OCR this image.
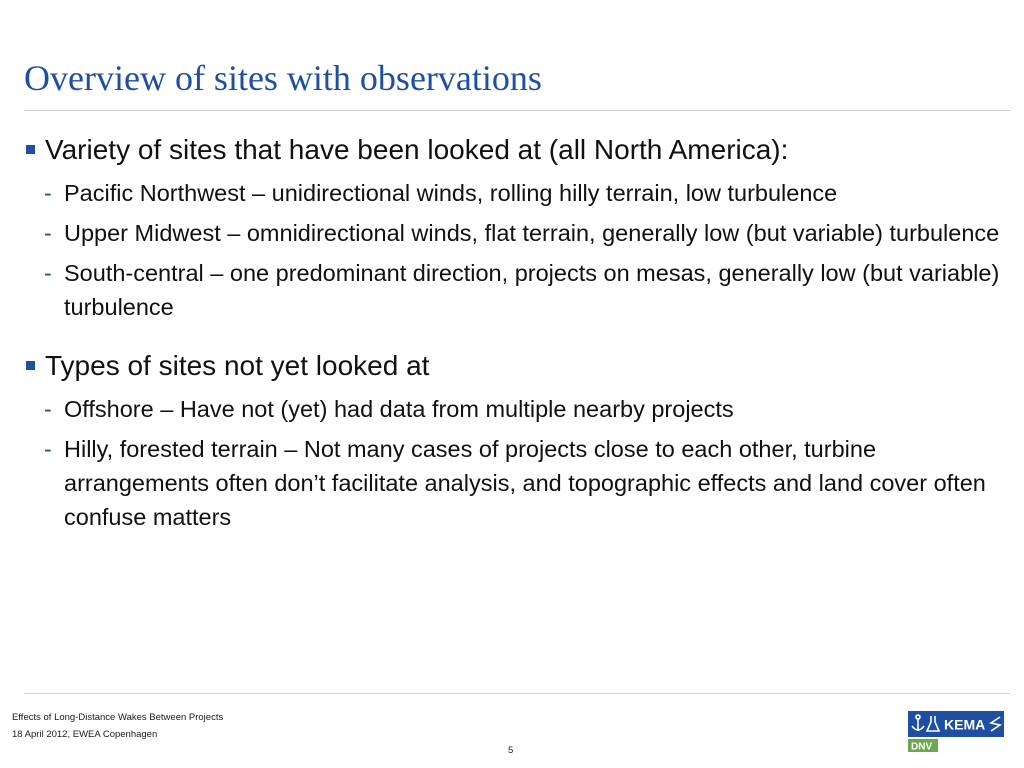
Overview of sites with observations
Variety of sites that have been looked at (all North America):
- Pacific Northwest – unidirectional winds, rolling hilly terrain, low turbulence
- Upper Midwest – omnidirectional winds, flat terrain, generally low (but variable) turbulence
- South-central – one predominant direction, projects on mesas, generally low (but variable) turbulence
Types of sites not yet looked at
- Offshore – Have not (yet) had data from multiple nearby projects
- Hilly, forested terrain – Not many cases of projects close to each other, turbine arrangements often don’t facilitate analysis, and topographic effects and land cover often confuse matters
Effects of Long-Distance Wakes Between Projects
18 April 2012, EWEA Copenhagen
5
KEMA
DNV
